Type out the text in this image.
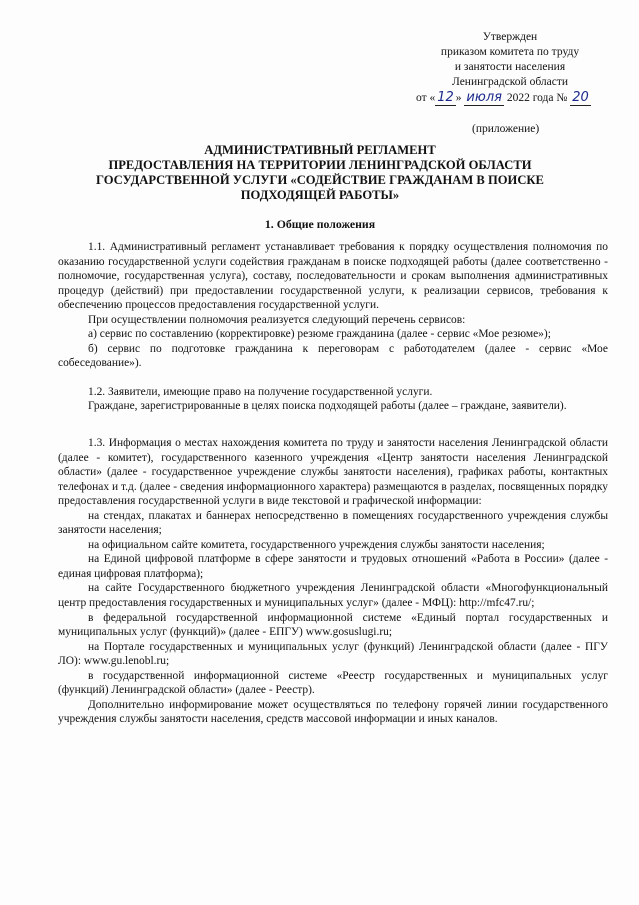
Утвержден
приказом комитета по труду
и занятости населения
Ленинградской области
от « 12 » июля 2022 года № 20
(приложение)
АДМИНИСТРАТИВНЫЙ РЕГЛАМЕНТ
ПРЕДОСТАВЛЕНИЯ НА ТЕРРИТОРИИ ЛЕНИНГРАДСКОЙ ОБЛАСТИ
ГОСУДАРСТВЕННОЙ УСЛУГИ «СОДЕЙСТВИЕ ГРАЖДАНАМ В ПОИСКЕ
ПОДХОДЯЩЕЙ РАБОТЫ»
1. Общие положения

1.1. Административный регламент устанавливает требования к порядку осуществления полномочия по оказанию государственной услуги содействия гражданам в поиске подходящей работы (далее соответственно - полномочие, государственная услуга), составу, последовательности и срокам выполнения административных процедур (действий) при предоставлении государственной услуги, к реализации сервисов, требования к обеспечению процессов предоставления государственной услуги.

При осуществлении полномочия реализуется следующий перечень сервисов:

а) сервис по составлению (корректировке) резюме гражданина (далее - сервис «Мое резюме»);

б) сервис по подготовке гражданина к переговорам с работодателем (далее - сервис «Мое собеседование»).

1.2. Заявители, имеющие право на получение государственной услуги.

Граждане, зарегистрированные в целях поиска подходящей работы (далее – граждане, заявители).

1.3. Информация о местах нахождения комитета по труду и занятости населения Ленинградской области (далее - комитет), государственного казенного учреждения «Центр занятости населения Ленинградской области» (далее - государственное учреждение службы занятости населения), графиках работы, контактных телефонах и т.д. (далее - сведения информационного характера) размещаются в разделах, посвященных порядку предоставления государственной услуги в виде текстовой и графической информации:

на стендах, плакатах и баннерах непосредственно в помещениях государственного учреждения службы занятости населения;

на официальном сайте комитета, государственного учреждения службы занятости населения;

на Единой цифровой платформе в сфере занятости и трудовых отношений «Работа в России» (далее - единая цифровая платформа);

на сайте Государственного бюджетного учреждения Ленинградской области «Многофункциональный центр предоставления государственных и муниципальных услуг» (далее - МФЦ): http://mfc47.ru/;

в федеральной государственной информационной системе «Единый портал государственных и муниципальных услуг (функций)» (далее - ЕПГУ) www.gosuslugi.ru;

на Портале государственных и муниципальных услуг (функций) Ленинградской области (далее - ПГУ ЛО): www.gu.lenobl.ru;

в государственной информационной системе «Реестр государственных и муниципальных услуг (функций) Ленинградской области» (далее - Реестр).

Дополнительно информирование может осуществляться по телефону горячей линии государственного учреждения службы занятости населения, средств массовой информации и иных каналов.
